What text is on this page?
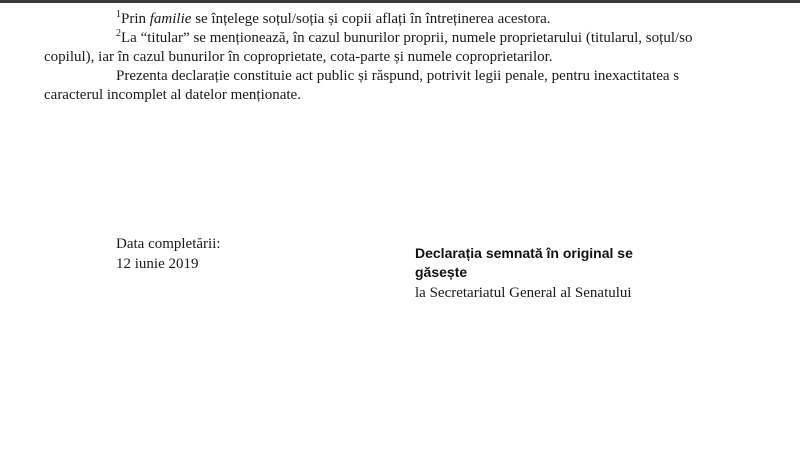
$^1$Prin familie se înțelege soțul/soția și copii aflați în întreținerea acestora.
$^2$La “titular” se menționează, în cazul bunurilor proprii, numele proprietarului (titularul, soțul/so
copilul), iar în cazul bunurilor în coproprietate, cota-parte și numele coproprietarilor.
Prezenta declarație constituie act public și răspund, potrivit legii penale, pentru inexactitatea s
caracterul incomplet al datelor menționate.
Data completării:
12 iunie 2019
Declarația semnată în original se
găsește
la Secretariatul General al Senatului
